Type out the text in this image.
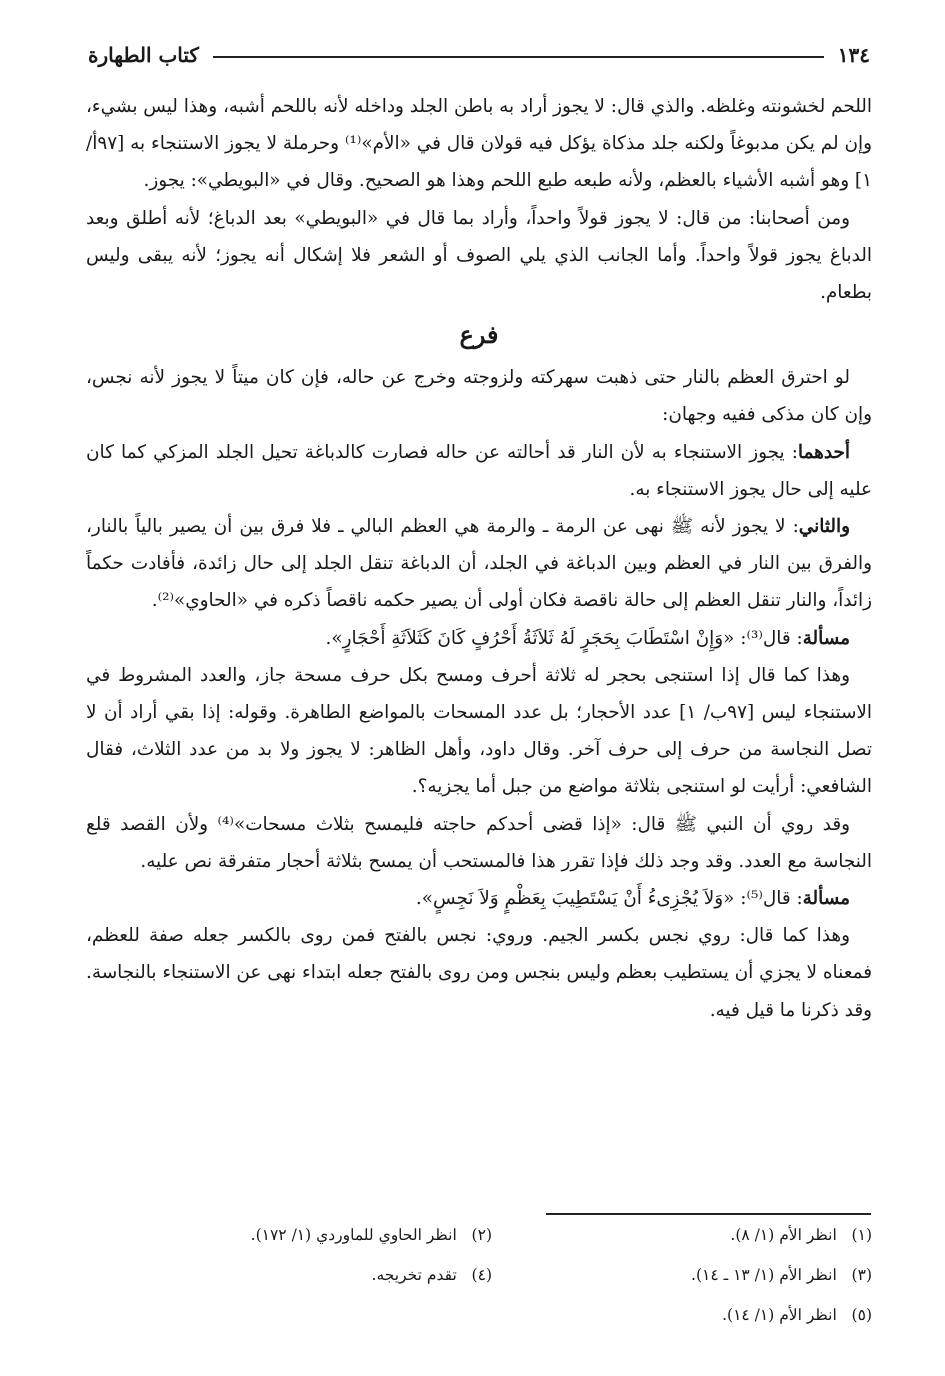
١٣٤
كتاب الطهارة

اللحم لخشونته وغلظه. والذي قال: لا يجوز أراد به باطن الجلد وداخله لأنه باللحم أشبه، وهذا ليس بشيء، وإن لم يكن مدبوغاً ولكنه جلد مذكاة يؤكل فيه قولان قال في «الأم»⁽¹⁾ وحرملة لا يجوز الاستنجاء به [٩٧أ/ ١] وهو أشبه الأشياء بالعظم، ولأنه طبعه طبع اللحم وهذا هو الصحيح. وقال في «البويطي»: يجوز.

ومن أصحابنا: من قال: لا يجوز قولاً واحداً، وأراد بما قال في «البويطي» بعد الدباغ؛ لأنه أطلق وبعد الدباغ يجوز قولاً واحداً. وأما الجانب الذي يلي الصوف أو الشعر فلا إشكال أنه يجوز؛ لأنه يبقى وليس بطعام.

فرع

لو احترق العظم بالنار حتى ذهبت سهركته ولزوجته وخرج عن حاله، فإن كان ميتاً لا يجوز لأنه نجس، وإن كان مذكى ففيه وجهان:

أحدهما: يجوز الاستنجاء به لأن النار قد أحالته عن حاله فصارت كالدباغة تحيل الجلد المزكي كما كان عليه إلى حال يجوز الاستنجاء به.

والثاني: لا يجوز لأنه ﷺ نهى عن الرمة ـ والرمة هي العظم البالي ـ فلا فرق بين أن يصير بالياً بالنار، والفرق بين النار في العظم وبين الدباغة في الجلد، أن الدباغة تنقل الجلد إلى حال زائدة، فأفادت حكماً زائداً، والنار تنقل العظم إلى حالة ناقصة فكان أولى أن يصير حكمه ناقصاً ذكره في «الحاوي»⁽²⁾.

مسألة: قال⁽³⁾: «وَإِنْ اسْتَطَابَ بِحَجَرٍ لَهُ ثَلاَثَةُ أَحْرُفٍ كَانَ كَثَلاَثَةِ أَحْجَارٍ».

وهذا كما قال إذا استنجى بحجر له ثلاثة أحرف ومسح بكل حرف مسحة جاز، والعدد المشروط في الاستنجاء ليس [٩٧ب/ ١] عدد الأحجار؛ بل عدد المسحات بالمواضع الطاهرة. وقوله: إذا بقي أراد أن لا تصل النجاسة من حرف إلى حرف آخر. وقال داود، وأهل الظاهر: لا يجوز ولا بد من عدد الثلاث، فقال الشافعي: أرأيت لو استنجى بثلاثة مواضع من جبل أما يجزيه؟.

وقد روي أن النبي ﷺ قال: «إذا قضى أحدكم حاجته فليمسح بثلاث مسحات»⁽⁴⁾ ولأن القصد قلع النجاسة مع العدد. وقد وجد ذلك فإذا تقرر هذا فالمستحب أن يمسح بثلاثة أحجار متفرقة نص عليه.

مسألة: قال⁽⁵⁾: «وَلاَ يُجْزِىءُ أَنْ يَسْتَطِيبَ بِعَظْمٍ وَلاَ نَجِسٍ».

وهذا كما قال: روي نجس بكسر الجيم. وروي: نجس بالفتح فمن روى بالكسر جعله صفة للعظم، فمعناه لا يجزي أن يستطيب بعظم وليس بنجس ومن روى بالفتح جعله ابتداء نهى عن الاستنجاء بالنجاسة. وقد ذكرنا ما قيل فيه.

(١)   انظر الأم (١/ ٨).
(٢)   انظر الحاوي للماوردي (١/ ١٧٢).
(٣)   انظر الأم (١/ ١٣ ـ ١٤).
(٤)   تقدم تخريجه.
(٥)   انظر الأم (١/ ١٤).
